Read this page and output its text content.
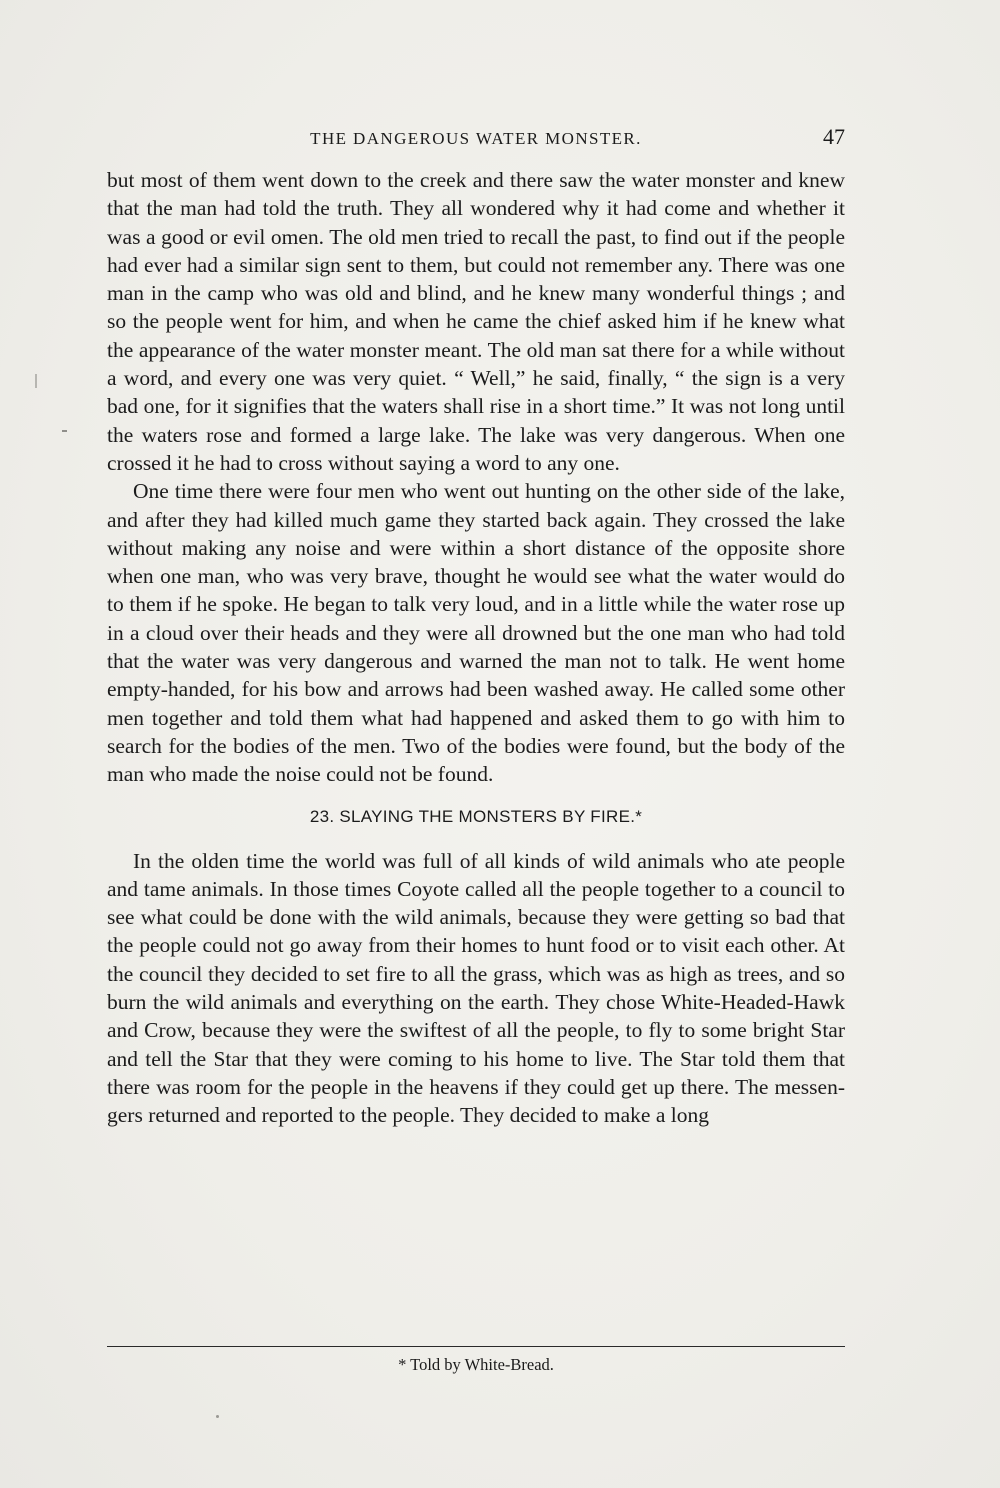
THE DANGEROUS WATER MONSTER.	47

but most of them went down to the creek and there saw the water monster and knew that the man had told the truth. They all wondered why it had come and whether it was a good or evil omen. The old men tried to recall the past, to find out if the people had ever had a similar sign sent to them, but could not remember any. There was one man in the camp who was old and blind, and he knew many wonderful things ; and so the people went for him, and when he came the chief asked him if he knew what the appearance of the water monster meant. The old man sat there for a while without a word, and every one was very quiet. “ Well,” he said, finally, “ the sign is a very bad one, for it signifies that the waters shall rise in a short time.” It was not long until the waters rose and formed a large lake. The lake was very dangerous. When one crossed it he had to cross without saying a word to any one.

One time there were four men who went out hunting on the other side of the lake, and after they had killed much game they started back again. They crossed the lake without making any noise and were within a short distance of the opposite shore when one man, who was very brave, thought he would see what the water would do to them if he spoke. He began to talk very loud, and in a little while the water rose up in a cloud over their heads and they were all drowned but the one man who had told that the water was very dangerous and warned the man not to talk. He went home empty-handed, for his bow and arrows had been washed away. He called some other men together and told them what had happened and asked them to go with him to search for the bodies of the men. Two of the bodies were found, but the body of the man who made the noise could not be found.

23. SLAYING THE MONSTERS BY FIRE.*

In the olden time the world was full of all kinds of wild animals who ate people and tame animals. In those times Coyote called all the people together to a council to see what could be done with the wild animals, because they were getting so bad that the people could not go away from their homes to hunt food or to visit each other. At the council they decided to set fire to all the grass, which was as high as trees, and so burn the wild animals and everything on the earth. They chose White-Headed-Hawk and Crow, because they were the swiftest of all the people, to fly to some bright Star and tell the Star that they were coming to his home to live. The Star told them that there was room for the people in the heavens if they could get up there. The messengers returned and reported to the people. They decided to make a long

* Told by White-Bread.
